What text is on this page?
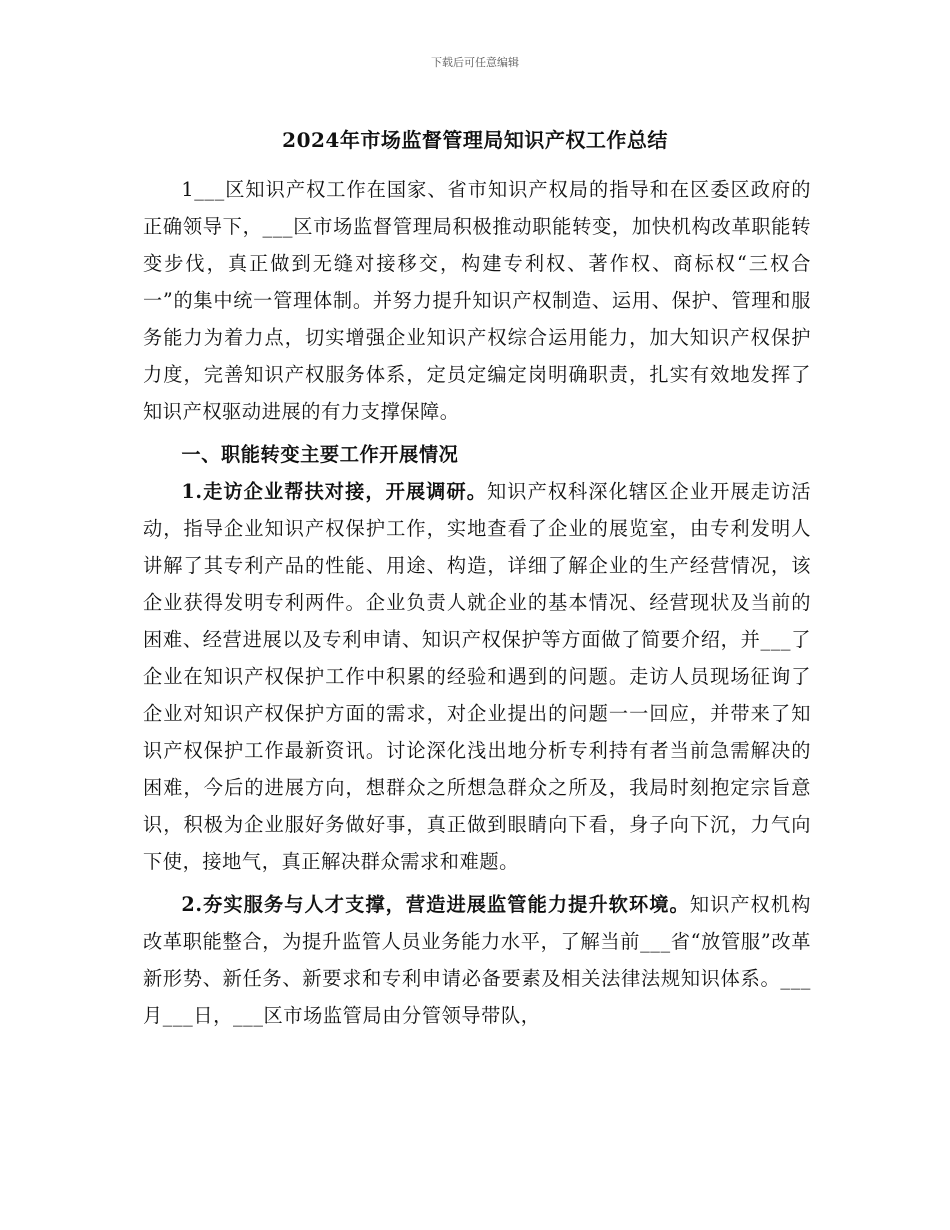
下载后可任意编辑
2024年市场监督管理局知识产权工作总结

1___区知识产权工作在国家、省市知识产权局的指导和在区委区政府的正确领导下，___区市场监督管理局积极推动职能转变，加快机构改革职能转变步伐，真正做到无缝对接移交，构建专利权、著作权、商标权“三权合一”的集中统一管理体制。并努力提升知识产权制造、运用、保护、管理和服务能力为着力点，切实增强企业知识产权综合运用能力，加大知识产权保护力度，完善知识产权服务体系，定员定编定岗明确职责，扎实有效地发挥了知识产权驱动进展的有力支撑保障。

一、职能转变主要工作开展情况

1.走访企业帮扶对接，开展调研。知识产权科深化辖区企业开展走访活动，指导企业知识产权保护工作，实地查看了企业的展览室，由专利发明人讲解了其专利产品的性能、用途、构造，详细了解企业的生产经营情况，该企业获得发明专利两件。企业负责人就企业的基本情况、经营现状及当前的困难、经营进展以及专利申请、知识产权保护等方面做了简要介绍，并___了企业在知识产权保护工作中积累的经验和遇到的问题。走访人员现场征询了企业对知识产权保护方面的需求，对企业提出的问题一一回应，并带来了知识产权保护工作最新资讯。讨论深化浅出地分析专利持有者当前急需解决的困难，今后的进展方向，想群众之所想急群众之所及，我局时刻抱定宗旨意识，积极为企业服好务做好事，真正做到眼睛向下看，身子向下沉，力气向下使，接地气，真正解决群众需求和难题。

2.夯实服务与人才支撑，营造进展监管能力提升软环境。知识产权机构改革职能整合，为提升监管人员业务能力水平，了解当前___省“放管服”改革新形势、新任务、新要求和专利申请必备要素及相关法律法规知识体系。___月___日，___区市场监管局由分管领导带队，
